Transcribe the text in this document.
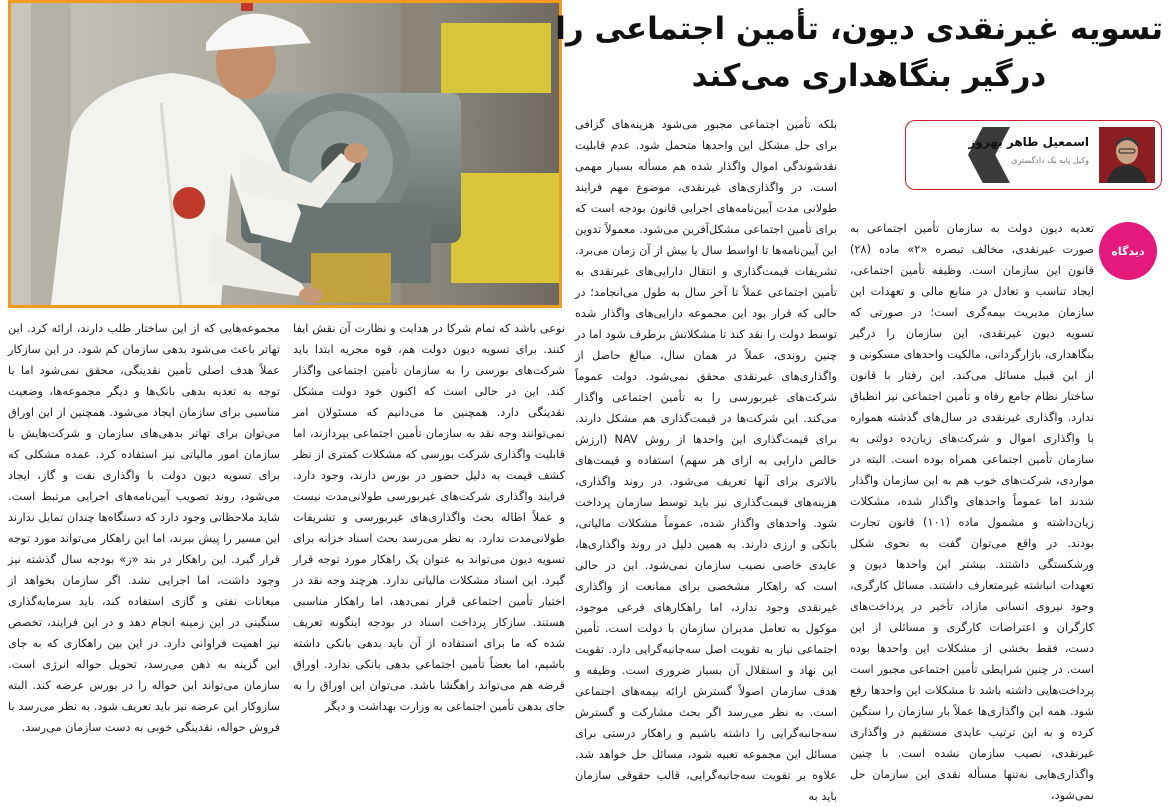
تسویه غیرنقدی دیون، تأمین اجتماعی را
درگیر بنگاهداری می‌کند
اسمعیل طاهر بهروز
وکیل پایه یک دادگستری
دیدگاه
تعدیه دیون دولت به سازمان تأمین اجتماعی به صورت غیرنقدی، مخالف تبصره «۲» ماده (۲۸) قانون این سازمان است. وظیفه تأمین اجتماعی، ایجاد تناسب و تعادل در منابع مالی و تعهدات این سازمان مدیریت بیمه‌گری است؛ در صورتی که تسویه دیون غیرنقدی، این سازمان را درگیر بنگاهداری، بازارگردانی، مالکیت واحدهای مسکونی و از این قبیل مسائل می‌کند. این رفتار با قانون ساختار نظام جامع رفاه و تأمین اجتماعی نیز انطباق ندارد. واگذاری غیرنقدی در سال‌های گذشته همواره با واگذاری اموال و شرکت‌های زیان‌ده دولتی به سازمان تأمین اجتماعی همراه بوده است. البته در مواردی، شرکت‌های خوب هم به این سازمان واگذار شدند اما عموماً واحدهای واگذار شده، مشکلات زیان‌داشته و مشمول ماده (۱۰۱) قانون تجارت بودند. در واقع می‌توان گفت به نحوی شکل ورشکستگی داشتند. بیشتر این واحدها دیون و تعهدات انباشته غیرمتعارف داشتند. مسائل کارگری، وجود نیروی انسانی مازاد، تأخیر در پرداخت‌های کارگران و اعتراضات کارگری و مسائلی از این دست، فقط بخشی از مشکلات این واحدها بوده است. در چنین شرایطی تأمین اجتماعی مجبور است پرداخت‌هایی داشته باشد تا مشکلات این واحدها رفع شود. همه این واگذاری‌ها عملاً بار سازمان را سنگین کرده و به این ترتیب عایدی مستقیم در واگذاری غیرنقدی، نصیب سازمان نشده است. با چنین واگذاری‌هایی نه‌تنها مسأله نقدی این سازمان حل نمی‌شود،
بلکه تأمین اجتماعی مجبور می‌شود هزینه‌های گزافی برای حل مشکل این واحدها متحمل شود. عدم قابلیت نقدشوندگی اموال واگذار شده هم مسأله بسیار مهمی است. در واگذاری‌های غیرنقدی، موضوع مهم فرایند طولانی مدت آیین‌نامه‌های اجرایی قانون بودجه است که برای تأمین اجتماعی مشکل‌آفرین می‌شود. معمولاً تدوین این آیین‌نامه‌ها تا اواسط سال یا بیش از آن زمان می‌برد. تشریفات قیمت‌گذاری و انتقال دارایی‌های غیرنقدی به تأمین اجتماعی عملاً تا آخر سال به طول می‌انجامد؛ در حالی که قرار بود این مجموعه دارایی‌های واگذار شده توسط دولت را نقد کند تا مشکلاتش برطرف شود اما در چنین روندی، عملاً در همان سال، مبالغ حاصل از واگذاری‌های غیرنقدی محقق نمی‌شود. دولت عموماً شرکت‌های غیربورسی را به تأمین اجتماعی واگذار می‌کند. این شرکت‌ها در قیمت‌گذاری هم مشکل دارند. برای قیمت‌گذاری این واحدها از روش NAV (ارزش خالص دارایی به ازای هر سهم) استفاده و قیمت‌های بالاتری برای آنها تعریف می‌شود. در روند واگذاری، هزینه‌های قیمت‌گذاری نیز باید توسط سازمان پرداخت شود. واحدهای واگذار شده، عموماً مشکلات مالیاتی، بانکی و ارزی دارند. به همین دلیل در روند واگذاری‌ها، عایدی خاصی نصیب سازمان نمی‌شود. این در حالی است که راهکار مشخصی برای ممانعت از واگذاری غیرنقدی وجود ندارد، اما راهکارهای فرعی موجود، موکول به تعامل مدیران سازمان با دولت است. تأمین اجتماعی نیاز به تقویت اصل سه‌جانبه‌گرایی دارد. تقویت این نهاد و استقلال آن بسیار ضروری است. وظیفه و هدف سازمان اصولاً گسترش ارائه بیمه‌های اجتماعی است. به نظر می‌رسد اگر بحث مشارکت و گسترش سه‌جانبه‌گرایی را داشته باشیم و راهکار درستی برای مسائل این مجموعه تعبیه شود، مسائل حل خواهد شد. علاوه بر تقویت سه‌جانبه‌گرایی، قالب حقوقی سازمان باید به
نوعی باشد که تمام شرکا در هدایت و نظارت آن نقش ایفا کنند. برای تسویه دیون دولت هم، قوه مجریه ابتدا باید شرکت‌های بورسی را به سازمان تأمین اجتماعی واگذار کند. این در حالی است که اکنون خود دولت مشکل نقدینگی دارد. همچنین ما می‌دانیم که مسئولان امر نمی‌توانند وجه نقد به سازمان تأمین اجتماعی بپردازند، اما قابلیت واگذاری شرکت بورسی که مشکلات کمتری از نظر کشف قیمت به دلیل حضور در بورس دارند، وجود دارد. فرایند واگذاری شرکت‌های غیربورسی طولانی‌مدت نیست و عملاً اطاله بحث واگذاری‌های غیربورسی و تشریفات طولانی‌مدت ندارد. به نظر می‌رسد بحث اسناد خزانه برای تسویه دیون می‌تواند به عنوان یک راهکار مورد توجه قرار گیرد. این اسناد مشکلات مالیاتی ندارد. هرچند وجه نقد در اختیار تأمین اجتماعی قرار نمی‌دهد، اما راهکار مناسبی هستند. سازکار پرداخت اسناد در بودجه اینگونه تعریف شده که ما برای استفاده از آن باید بدهی بانکی داشته باشیم، اما بعضاً تأمین اجتماعی بدهی بانکی ندارد. اوراق قرضه هم می‌تواند راهگشا باشد. می‌توان این اوراق را به جای بدهی تأمین اجتماعی به وزارت بهداشت و دیگر
مجموعه‌هایی که از این ساختار طلب دارند، ارائه کرد. این تهاتر باعث می‌شود بدهی سازمان کم شود. در این سازکار عملاً هدف اصلی تأمین نقدینگی، محقق نمی‌شود اما با توجه به تعدیه بدهی بانک‌ها و دیگر مجموعه‌ها، وضعیت مناسبی برای سازمان ایجاد می‌شود. همچنین از این اوراق می‌توان برای تهاتر بدهی‌های سازمان و شرکت‌هایش با سازمان امور مالیاتی نیز استفاده کرد. عمده مشکلی که برای تسویه دیون دولت با واگذاری نفت و گاز، ایجاد می‌شود، روند تصویب آیین‌نامه‌های اجرایی مرتبط است. شاید ملاحظاتی وجود دارد که دستگاه‌ها چندان تمایل ندارند این مسیر را پیش ببرند، اما این راهکار می‌تواند مورد توجه قرار گیرد. این راهکار در بند «ز» بودجه سال گذشته نیز وجود داشت، اما اجرایی نشد. اگر سازمان بخواهد از میعانات نفتی و گازی استفاده کند، باید سرمایه‌گذاری سنگینی در این زمینه انجام دهد و در این فرایند، تخصص نیز اهمیت فراوانی دارد. در این بین راهکاری که به جای این گزینه به ذهن می‌رسد، تحویل حواله انرژی است. سازمان می‌تواند این حواله را در بورس عرضه کند. البته سازوکار این عرضه نیز باید تعریف شود. به نظر می‌رسد با فروش حواله، نقدینگی خوبی به دست سازمان می‌رسد.
